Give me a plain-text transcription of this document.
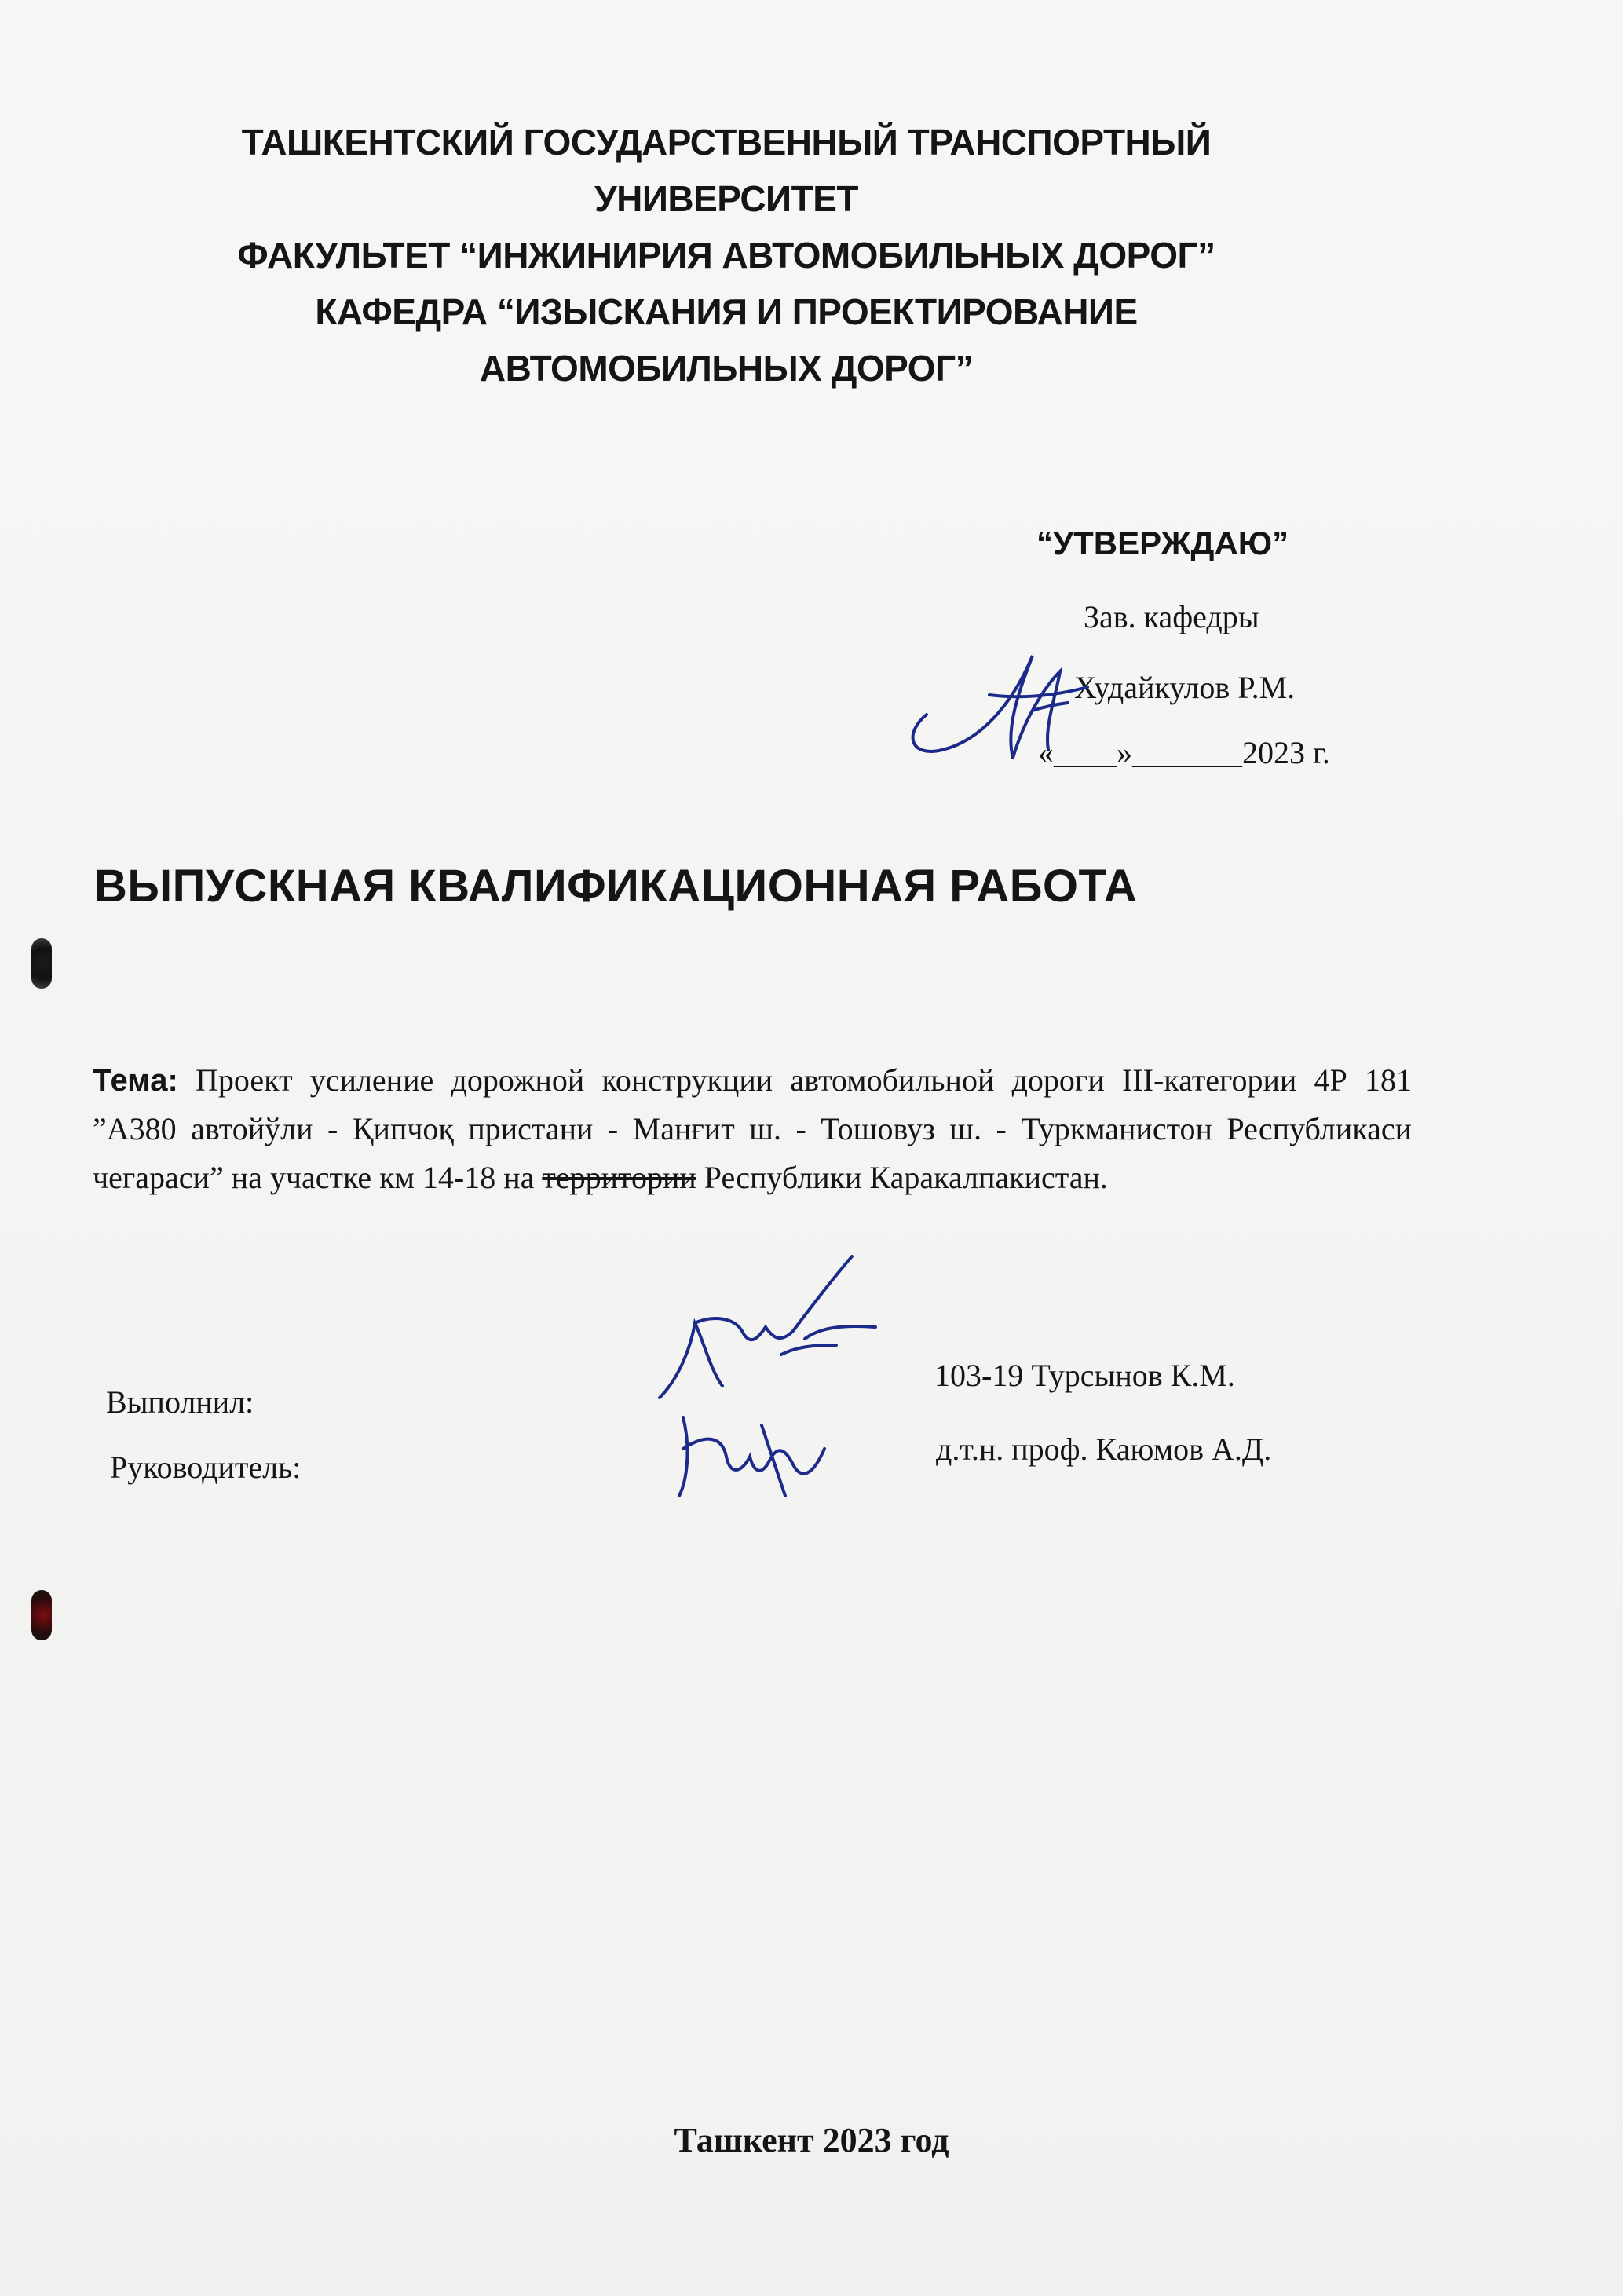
ТАШКЕНТСКИЙ ГОСУДАРСТВЕННЫЙ ТРАНСПОРТНЫЙ
УНИВЕРСИТЕТ
ФАКУЛЬТЕТ “ИНЖИНИРИЯ АВТОМОБИЛЬНЫХ ДОРОГ”
КАФЕДРА “ИЗЫСКАНИЯ И ПРОЕКТИРОВАНИЕ
АВТОМОБИЛЬНЫХ ДОРОГ”
“УТВЕРЖДАЮ”
Зав. кафедры
Худайкулов Р.М.
«____»_______2023 г.
ВЫПУСКНАЯ КВАЛИФИКАЦИОННАЯ РАБОТА
Тема: Проект усиление дорожной конструкции автомобильной дороги III-категории 4Р 181 ”А380 автойўли - Қипчоқ пристани - Манғит ш. - Тошовуз ш. - Туркманистон Республикаси чегараси” на участке км 14-18 на территории Республики Каракалпакистан.
Выполнил:
103-19 Турсынов К.М.
Руководитель:
д.т.н. проф. Каюмов А.Д.
Ташкент 2023 год
